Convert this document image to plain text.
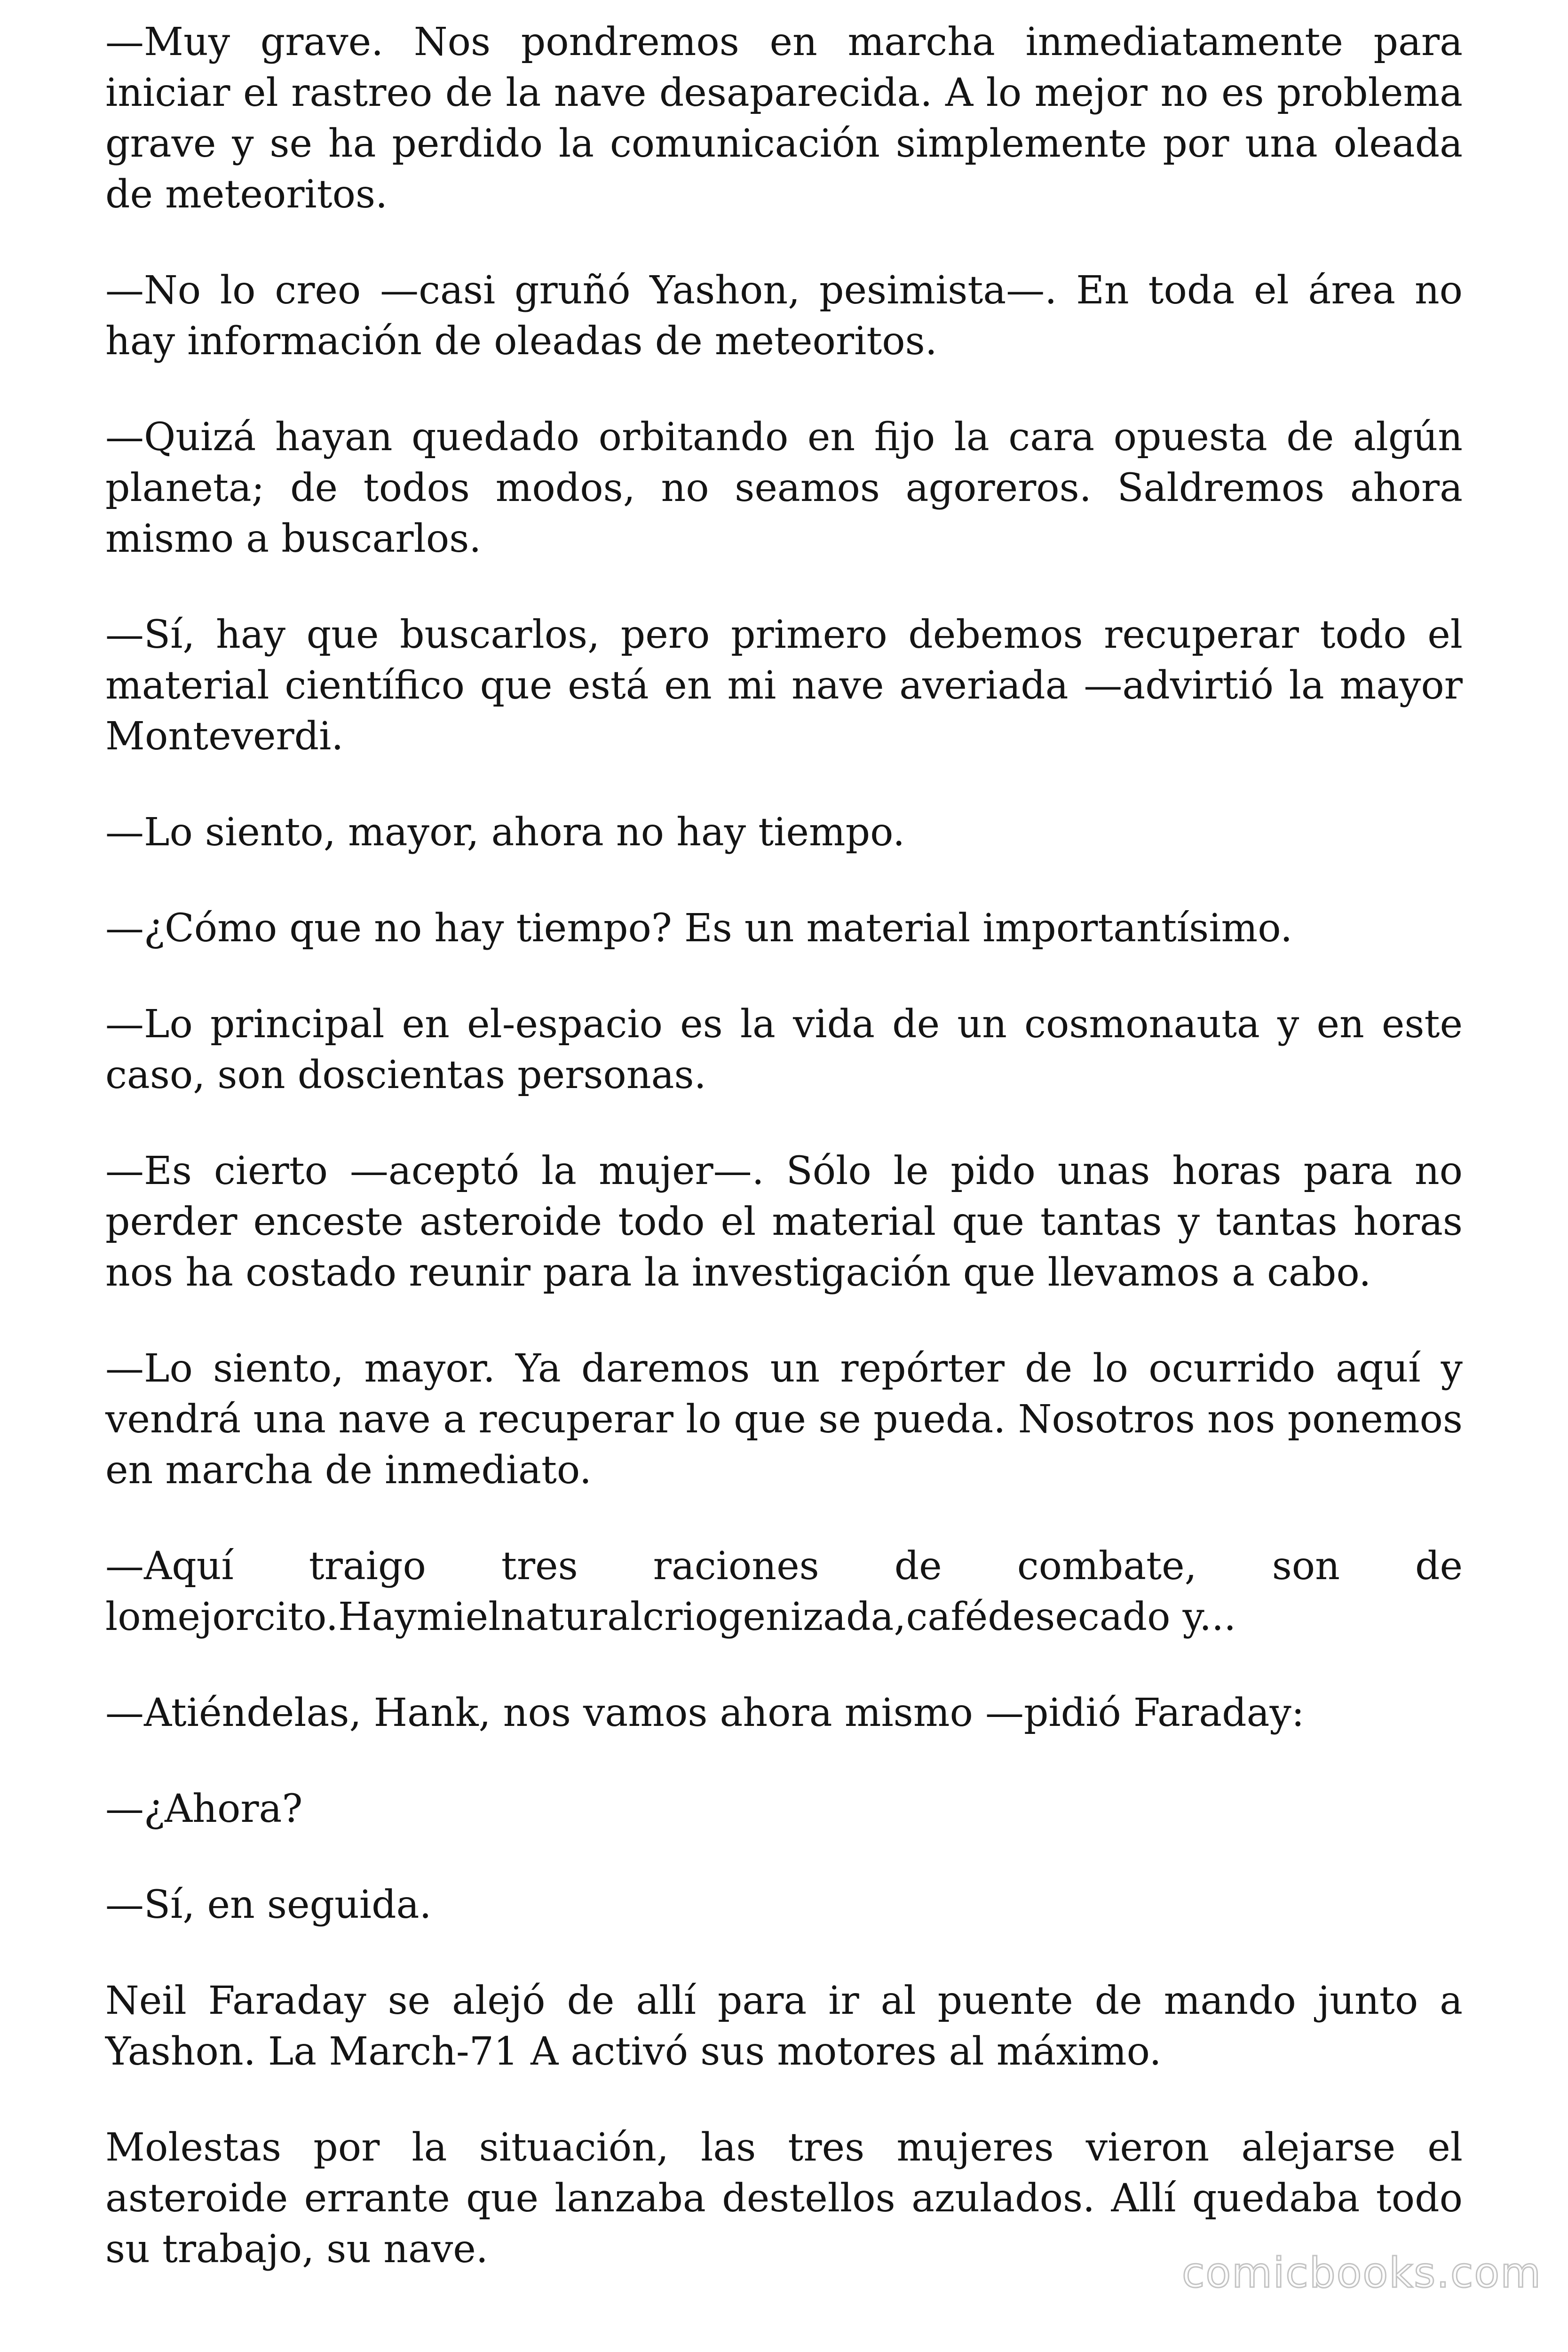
—Muy grave. Nos pondremos en marcha inmediatamente para iniciar el rastreo de la nave desaparecida. A lo mejor no es problema grave y se ha perdido la comunicación simplemente por una oleada de meteoritos.

—No lo creo —casi gruñó Yashon, pesimista—. En toda el área no hay información de oleadas de meteoritos.

—Quizá hayan quedado orbitando en fijo la cara opuesta de algún planeta; de todos modos, no seamos agoreros. Saldremos ahora mismo a buscarlos.

—Sí, hay que buscarlos, pero primero debemos recuperar todo el material científico que está en mi nave averiada —advirtió la mayor Monteverdi.

—Lo siento, mayor, ahora no hay tiempo.

—¿Cómo que no hay tiempo? Es un material importantísimo.

—Lo principal en el-espacio es la vida de un cosmonauta y en este caso, son doscientas personas.

—Es cierto —aceptó la mujer—. Sólo le pido unas horas para no perder enceste asteroide todo el material que tantas y tantas horas nos ha costado reunir para la investigación que llevamos a cabo.

—Lo siento, mayor. Ya daremos un repórter de lo ocurrido aquí y vendrá una nave a recuperar lo que se pueda. Nosotros nos ponemos en marcha de inmediato.

—Aquí traigo tres raciones de combate, son de lomejorcito.Haymielnaturalcriogenizada,cafédesecado y...

—Atiéndelas, Hank, nos vamos ahora mismo —pidió Faraday:

—¿Ahora?

—Sí, en seguida.

Neil Faraday se alejó de allí para ir al puente de mando junto a Yashon. La March-71 A activó sus motores al máximo.

Molestas por la situación, las tres mujeres vieron alejarse el asteroide errante que lanzaba destellos azulados. Allí quedaba todo su trabajo, su nave.	comicbooks.com
